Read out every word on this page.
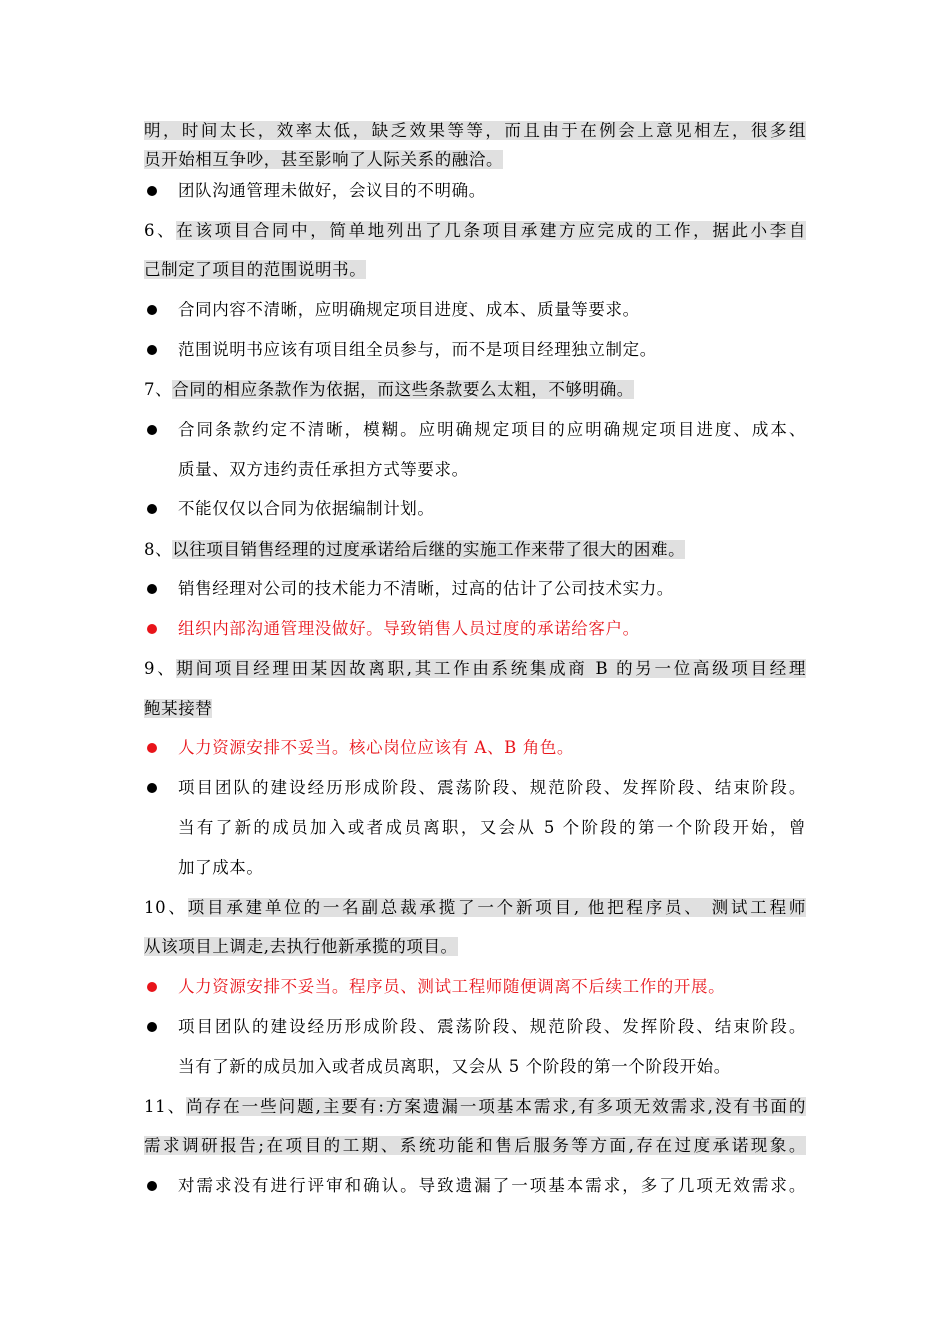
明，时间太长，效率太低，缺乏效果等等，而且由于在例会上意见相左，很多组
员开始相互争吵，甚至影响了人际关系的融洽。
团队沟通管理未做好，会议目的不明确。
6、在该项目合同中，简单地列出了几条项目承建方应完成的工作，据此小李自
己制定了项目的范围说明书。
合同内容不清晰，应明确规定项目进度、成本、质量等要求。
范围说明书应该有项目组全员参与，而不是项目经理独立制定。
7、合同的相应条款作为依据，而这些条款要么太粗，不够明确。
合同条款约定不清晰，模糊。应明确规定项目的应明确规定项目进度、成本、
质量、双方违约责任承担方式等要求。
不能仅仅以合同为依据编制计划。
8、以往项目销售经理的过度承诺给后继的实施工作来带了很大的困难。
销售经理对公司的技术能力不清晰，过高的估计了公司技术实力。
组织内部沟通管理没做好。导致销售人员过度的承诺给客户。
9、期间项目经理田某因故离职,其工作由系统集成商 B 的另一位高级项目经理
鲍某接替
人力资源安排不妥当。核心岗位应该有 A、B 角色。
项目团队的建设经历形成阶段、震荡阶段、规范阶段、发挥阶段、结束阶段。
当有了新的成员加入或者成员离职，又会从 5 个阶段的第一个阶段开始，曾
加了成本。
10、项目承建单位的一名副总裁承揽了一个新项目, 他把程序员、 测试工程师
从该项目上调走,去执行他新承揽的项目。
人力资源安排不妥当。程序员、测试工程师随便调离不后续工作的开展。
项目团队的建设经历形成阶段、震荡阶段、规范阶段、发挥阶段、结束阶段。
当有了新的成员加入或者成员离职，又会从 5 个阶段的第一个阶段开始。
11、尚存在一些问题,主要有:方案遗漏一项基本需求,有多项无效需求,没有书面的
需求调研报告;在项目的工期、系统功能和售后服务等方面,存在过度承诺现象。
对需求没有进行评审和确认。导致遗漏了一项基本需求，多了几项无效需求。
